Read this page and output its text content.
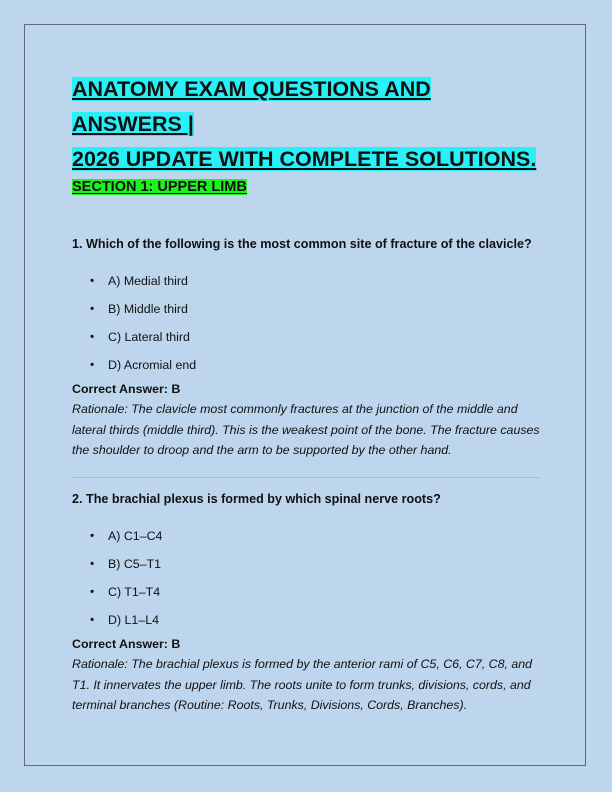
ANATOMY EXAM QUESTIONS AND ANSWERS |
2026 UPDATE WITH COMPLETE SOLUTIONS.
SECTION 1: UPPER LIMB

1. Which of the following is the most common site of fracture of the clavicle?

• A) Medial third
• B) Middle third
• C) Lateral third
• D) Acromial end

Correct Answer: B

Rationale: The clavicle most commonly fractures at the junction of the middle and lateral thirds (middle third). This is the weakest point of the bone. The fracture causes the shoulder to droop and the arm to be supported by the other hand.

2. The brachial plexus is formed by which spinal nerve roots?

• A) C1–C4
• B) C5–T1
• C) T1–T4
• D) L1–L4

Correct Answer: B

Rationale: The brachial plexus is formed by the anterior rami of C5, C6, C7, C8, and T1. It innervates the upper limb. The roots unite to form trunks, divisions, cords, and terminal branches (Routine: Roots, Trunks, Divisions, Cords, Branches).
